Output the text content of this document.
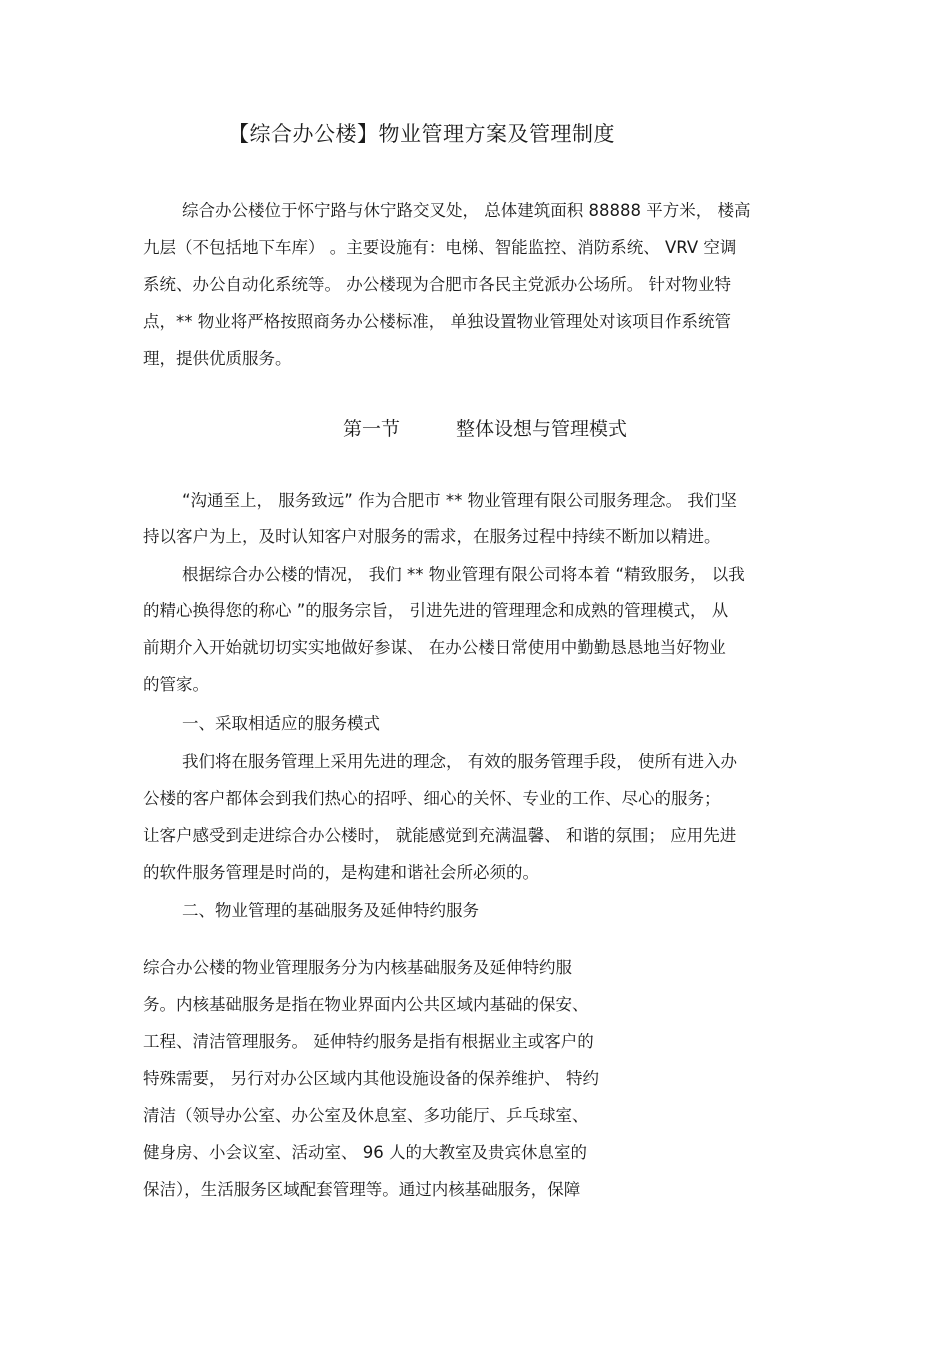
【综合办公楼】物业管理方案及管理制度
综合办公楼位于怀宁路与休宁路交叉处， 总体建筑面积 88888 平方米， 楼高
九层（不包括地下车库） 。主要设施有：电梯、智能监控、消防系统、 VRV 空调
系统、办公自动化系统等。 办公楼现为合肥市各民主党派办公场所。 针对物业特
点，** 物业将严格按照商务办公楼标准， 单独设置物业管理处对该项目作系统管
理，提供优质服务。
第一节	整体设想与管理模式
“沟通至上， 服务致远” 作为合肥市 ** 物业管理有限公司服务理念。 我们坚
持以客户为上，及时认知客户对服务的需求，在服务过程中持续不断加以精进。
根据综合办公楼的情况， 我们 ** 物业管理有限公司将本着 “精致服务， 以我
的精心换得您的称心 ”的服务宗旨， 引进先进的管理理念和成熟的管理模式， 从
前期介入开始就切切实实地做好参谋、 在办公楼日常使用中勤勤恳恳地当好物业
的管家。
一、采取相适应的服务模式
我们将在服务管理上采用先进的理念， 有效的服务管理手段， 使所有进入办
公楼的客户都体会到我们热心的招呼、细心的关怀、专业的工作、尽心的服务；
让客户感受到走进综合办公楼时， 就能感觉到充满温馨、 和谐的氛围； 应用先进
的软件服务管理是时尚的，是构建和谐社会所必须的。
二、物业管理的基础服务及延伸特约服务
综合办公楼的物业管理服务分为内核基础服务及延伸特约服
务。内核基础服务是指在物业界面内公共区域内基础的保安、
工程、清洁管理服务。 延伸特约服务是指有根据业主或客户的
特殊需要， 另行对办公区域内其他设施设备的保养维护、 特约
清洁（领导办公室、办公室及休息室、多功能厅、乒乓球室、
健身房、小会议室、活动室、 96 人的大教室及贵宾休息室的
保洁），生活服务区域配套管理等。通过内核基础服务，保障
